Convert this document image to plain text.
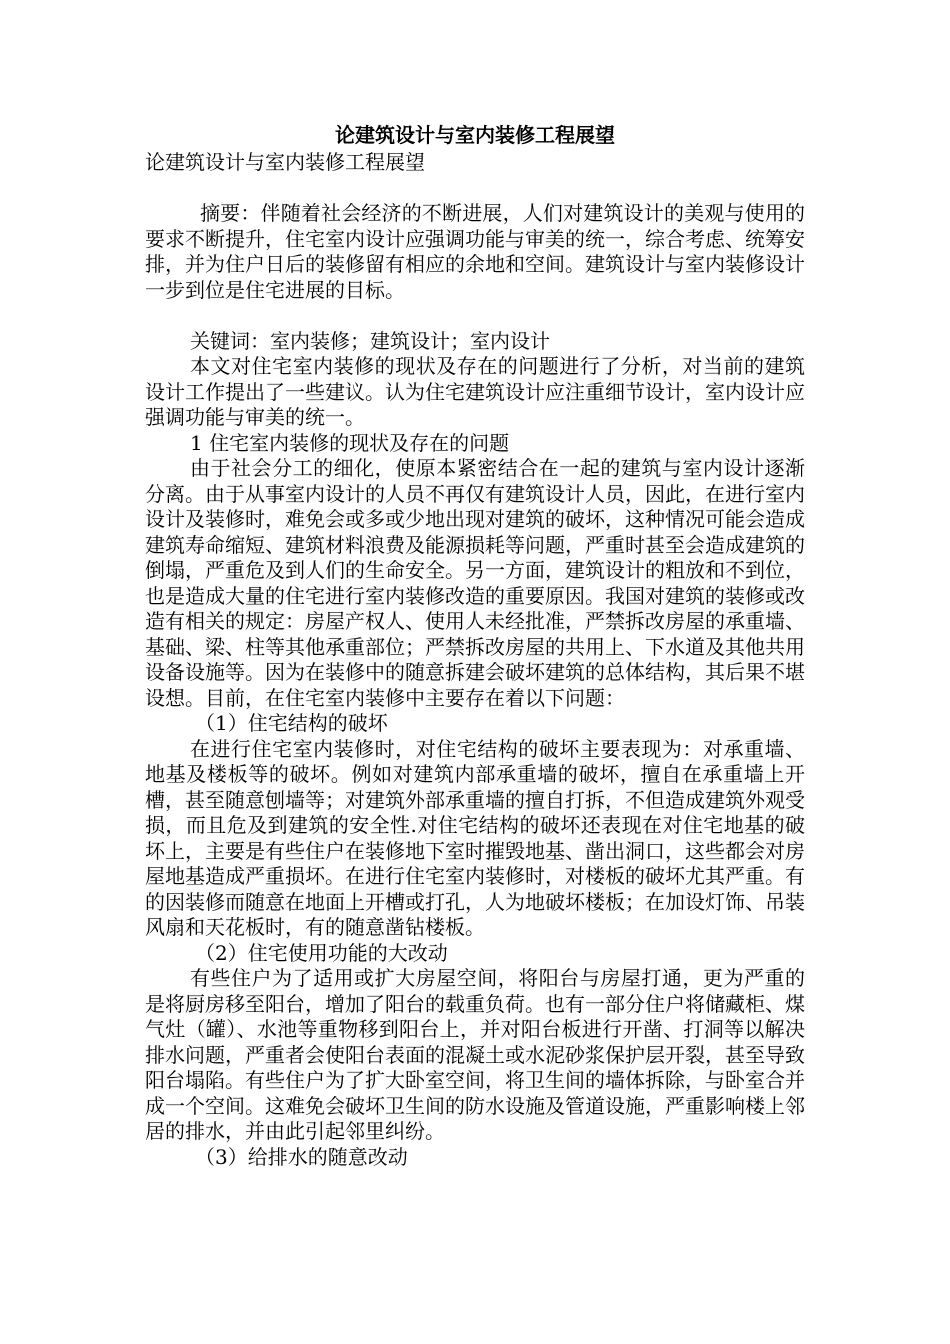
论建筑设计与室内装修工程展望

论建筑设计与室内装修工程展望

摘要：伴随着社会经济的不断进展，人们对建筑设计的美观与使用的要求不断提升，住宅室内设计应强调功能与审美的统一，综合考虑、统筹安排，并为住户日后的装修留有相应的余地和空间。建筑设计与室内装修设计一步到位是住宅进展的目标。

关键词：室内装修；建筑设计；室内设计

本文对住宅室内装修的现状及存在的问题进行了分析，对当前的建筑设计工作提出了一些建议。认为住宅建筑设计应注重细节设计，室内设计应强调功能与审美的统一。

1 住宅室内装修的现状及存在的问题

由于社会分工的细化，使原本紧密结合在一起的建筑与室内设计逐渐分离。由于从事室内设计的人员不再仅有建筑设计人员，因此，在进行室内设计及装修时，难免会或多或少地出现对建筑的破坏，这种情况可能会造成建筑寿命缩短、建筑材料浪费及能源损耗等问题，严重时甚至会造成建筑的倒塌，严重危及到人们的生命安全。另一方面，建筑设计的粗放和不到位，也是造成大量的住宅进行室内装修改造的重要原因。我国对建筑的装修或改造有相关的规定：房屋产权人、使用人未经批准，严禁拆改房屋的承重墙、基础、梁、柱等其他承重部位；严禁拆改房屋的共用上、下水道及其他共用设备设施等。因为在装修中的随意拆建会破坏建筑的总体结构，其后果不堪设想。目前，在住宅室内装修中主要存在着以下问题：

（1）住宅结构的破坏

在进行住宅室内装修时，对住宅结构的破坏主要表现为：对承重墙、地基及楼板等的破坏。例如对建筑内部承重墙的破坏，擅自在承重墙上开槽，甚至随意刨墙等；对建筑外部承重墙的擅自打拆，不但造成建筑外观受损，而且危及到建筑的安全性.对住宅结构的破坏还表现在对住宅地基的破坏上，主要是有些住户在装修地下室时摧毁地基、凿出洞口，这些都会对房屋地基造成严重损坏。在进行住宅室内装修时，对楼板的破坏尤其严重。有的因装修而随意在地面上开槽或打孔，人为地破坏楼板；在加设灯饰、吊装风扇和天花板时，有的随意凿钻楼板。

（2）住宅使用功能的大改动

有些住户为了适用或扩大房屋空间，将阳台与房屋打通，更为严重的是将厨房移至阳台，增加了阳台的载重负荷。也有一部分住户将储藏柜、煤气灶（罐）、水池等重物移到阳台上，并对阳台板进行开凿、打洞等以解决排水问题，严重者会使阳台表面的混凝土或水泥砂浆保护层开裂，甚至导致阳台塌陷。有些住户为了扩大卧室空间，将卫生间的墙体拆除，与卧室合并成一个空间。这难免会破坏卫生间的防水设施及管道设施，严重影响楼上邻居的排水，并由此引起邻里纠纷。

（3）给排水的随意改动
